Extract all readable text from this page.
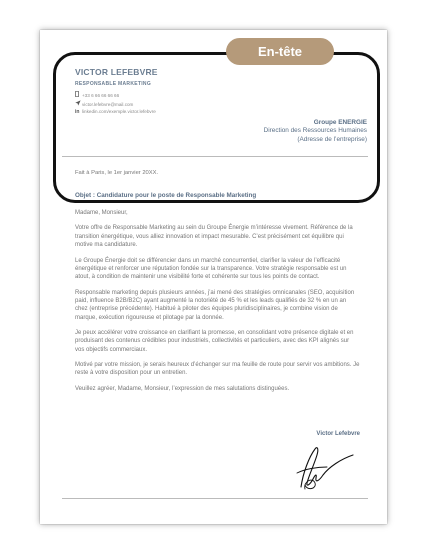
En-tête
VICTOR LEFEBVRE
RESPONSABLE MARKETING
+33 6 66 66 66 66
victor.lefebvre@mail.com
in linkedin.com/exemple.victor.lefebvre
Groupe ENERGIE
Direction des Ressources Humaines
(Adresse de l’entreprise)
Fait à Paris, le 1er janvier 20XX.
Objet : Candidature pour le poste de Responsable Marketing

Madame, Monsieur,

Votre offre de Responsable Marketing au sein du Groupe Énergie m’intéresse vivement. Référence de la transition énergétique, vous alliez innovation et impact mesurable. C’est précisément cet équilibre qui motive ma candidature.

Le Groupe Énergie doit se différencier dans un marché concurrentiel, clarifier la valeur de l’efficacité énergétique et renforcer une réputation fondée sur la transparence. Votre stratégie responsable est un atout, à condition de maintenir une visibilité forte et cohérente sur tous les points de contact.

Responsable marketing depuis plusieurs années, j’ai mené des stratégies omnicanales (SEO, acquisition paid, influence B2B/B2C) ayant augmenté la notoriété de 45 % et les leads qualifiés de 32 % en un an chez (entreprise précédente). Habitué à piloter des équipes pluridisciplinaires, je combine vision de marque, exécution rigoureuse et pilotage par la donnée.

Je peux accélérer votre croissance en clarifiant la promesse, en consolidant votre présence digitale et en produisant des contenus crédibles pour industriels, collectivités et particuliers, avec des KPI alignés sur vos objectifs commerciaux.

Motivé par votre mission, je serais heureux d’échanger sur ma feuille de route pour servir vos ambitions. Je reste à votre disposition pour un entretien.

Veuillez agréer, Madame, Monsieur, l’expression de mes salutations distinguées.

Victor Lefebvre
